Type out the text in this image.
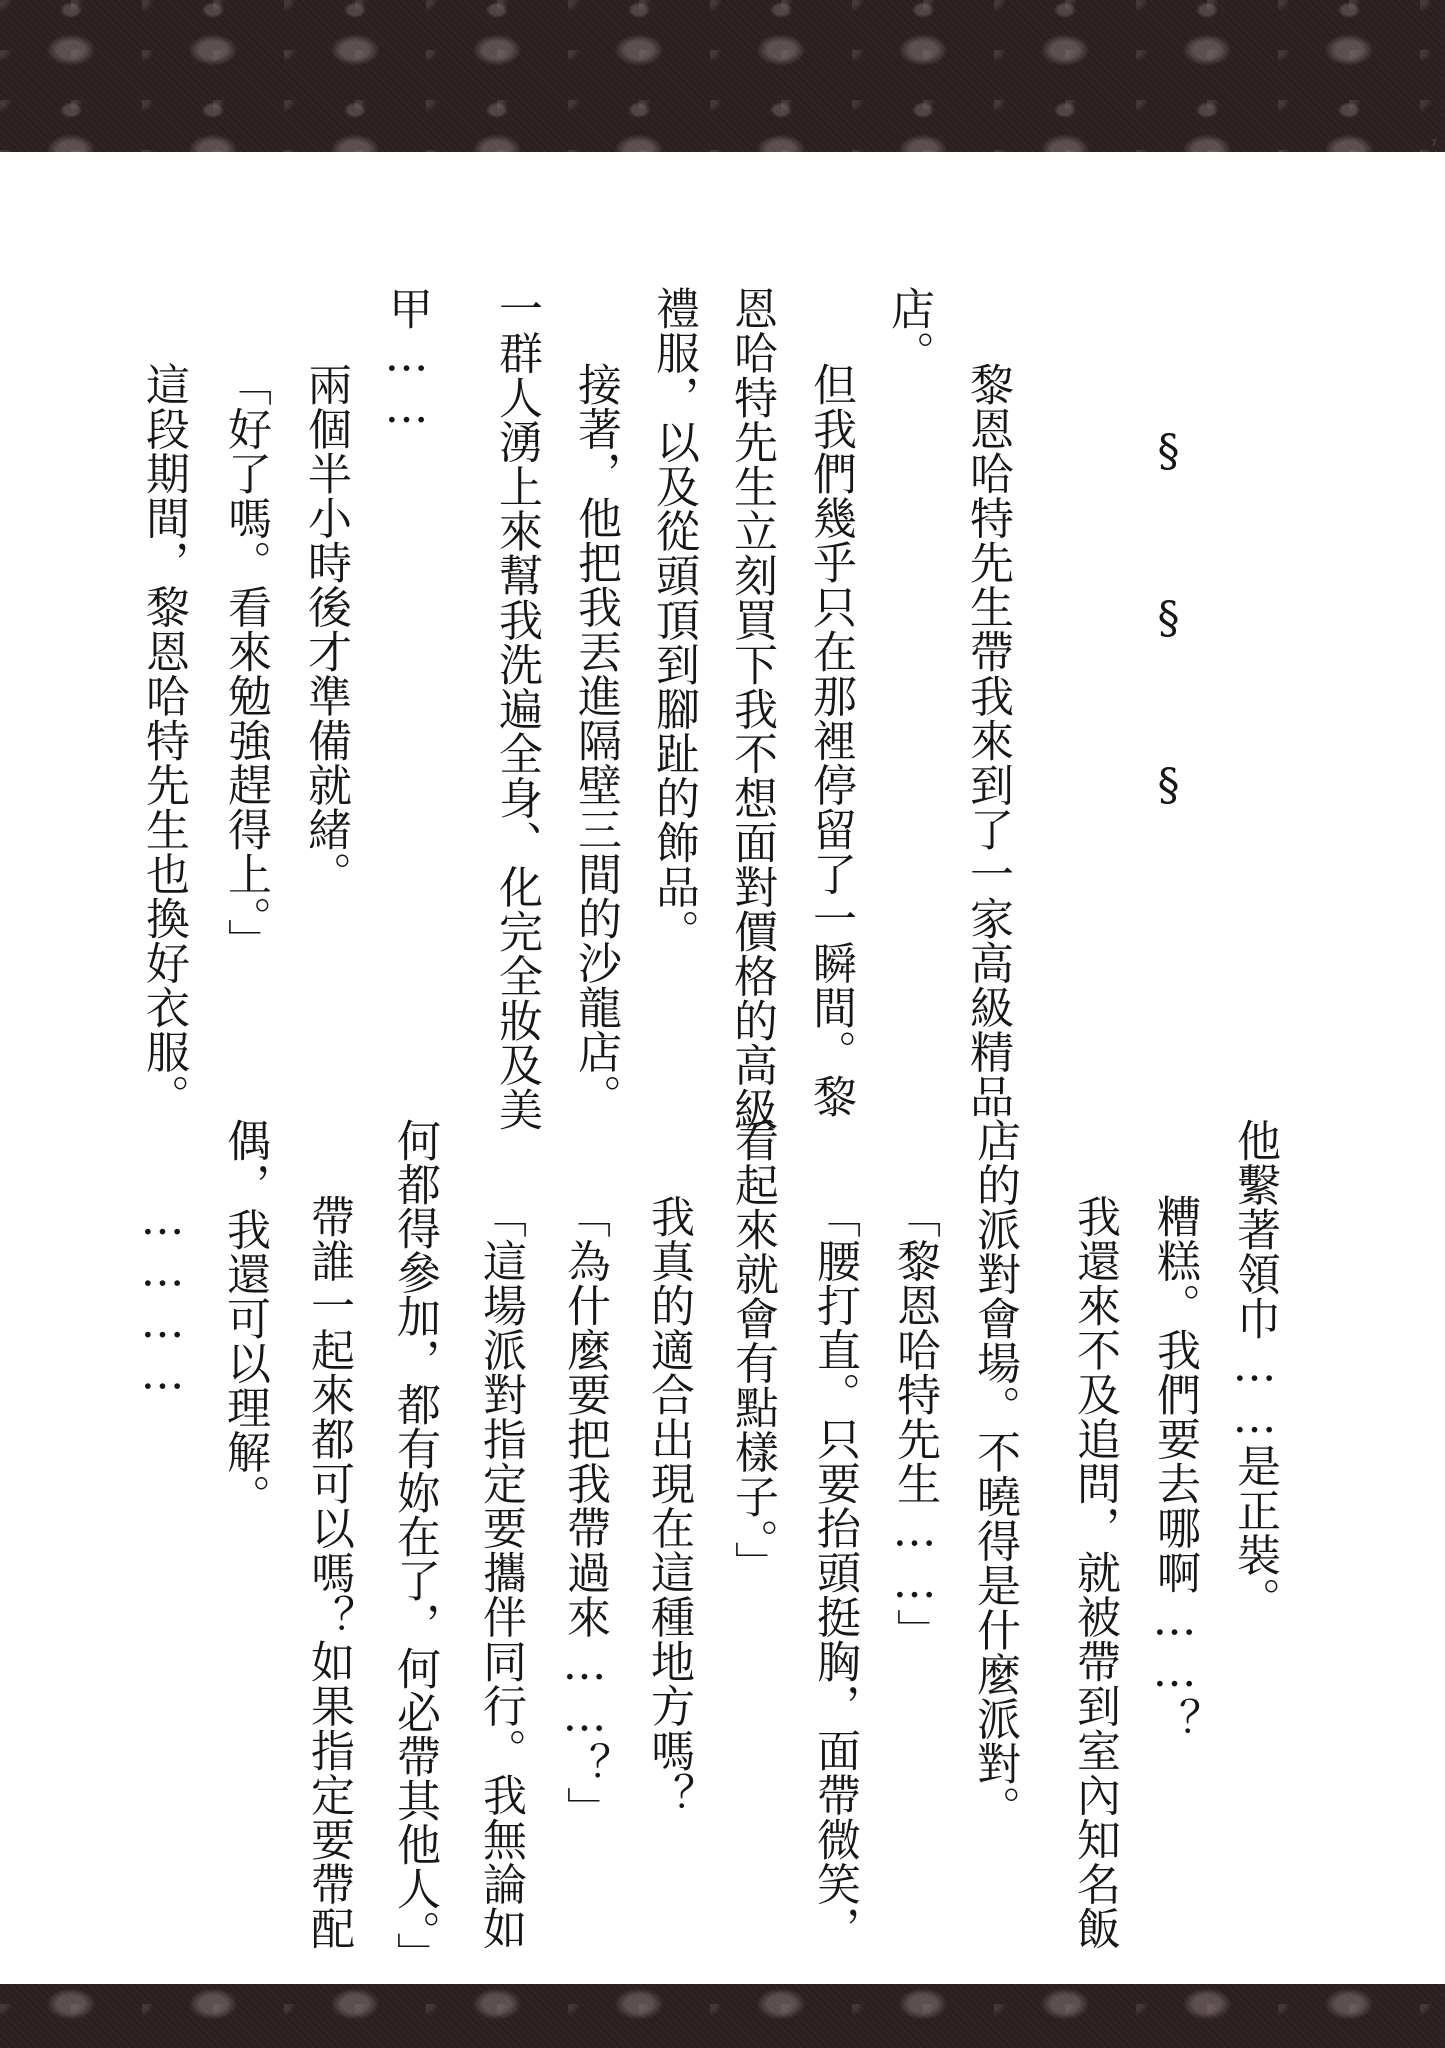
7
店。
黎恩哈特先生帶我來到了一家高級精品	§　§　§
但我們幾乎只在那裡停留了一瞬間。黎
恩哈特先生立刻買下我不想面對價格的高級
禮服，以及從頭頂到腳趾的飾品。
接著，他把我丟進隔壁三間的沙龍店。
一群人湧上來幫我洗遍全身、化完全妝及美
甲……
兩個半小時後才準備就緒。
「好了嗎。看來勉強趕得上。」
這段期間，黎恩哈特先生也換好衣服。
他繫著領巾……是正裝。
糟糕。我們要去哪啊……？
我還來不及追問，就被帶到室內知名飯
店的派對會場。不曉得是什麼派對。
「黎恩哈特先生……」
「腰打直。只要抬頭挺胸，面帶微笑，
看起來就會有點樣子。」
我真的適合出現在這種地方嗎？
「為什麼要把我帶過來……？」
「這場派對指定要攜伴同行。我無論如
何都得參加，都有妳在了，何必帶其他人。」
帶誰一起來都可以嗎？如果指定要帶配
偶，我還可以理解。
…………
